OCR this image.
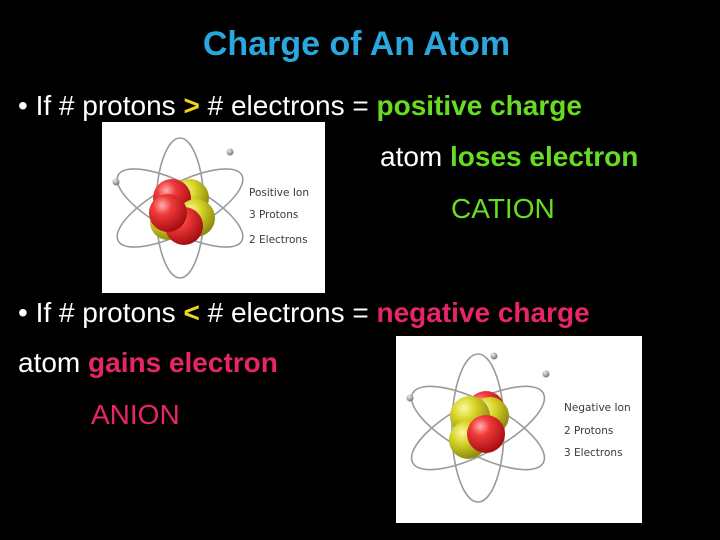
Charge of An Atom
• If # protons > # electrons = positive charge
Positive Ion
3 Protons
2 Electrons
atom loses electron
CATION
• If # protons < # electrons = negative charge
atom gains electron
ANION	Negative Ion
2 Protons
3 Electrons
